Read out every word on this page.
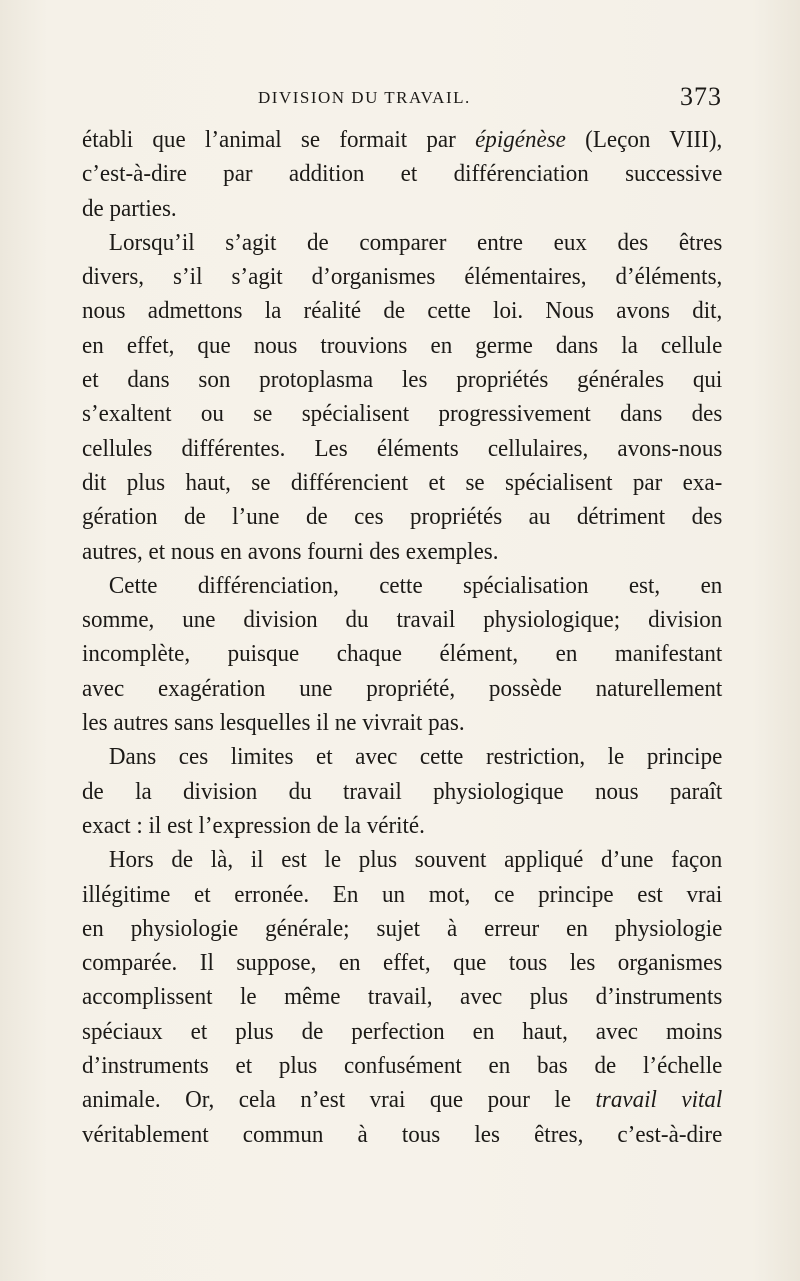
DIVISION DU TRAVAIL.	373
établi que l’animal se formait par épigénèse (Leçon VIII),
c’est-à-dire par addition et différenciation successive
de parties.
Lorsqu’il s’agit de comparer entre eux des êtres
divers, s’il s’agit d’organismes élémentaires, d’éléments,
nous admettons la réalité de cette loi. Nous avons dit,
en effet, que nous trouvions en germe dans la cellule
et dans son protoplasma les propriétés générales qui
s’exaltent ou se spécialisent progressivement dans des
cellules différentes. Les éléments cellulaires, avons-nous
dit plus haut, se différencient et se spécialisent par exa-
gération de l’une de ces propriétés au détriment des
autres, et nous en avons fourni des exemples.
Cette différenciation, cette spécialisation est, en
somme, une division du travail physiologique; division
incomplète, puisque chaque élément, en manifestant
avec exagération une propriété, possède naturellement
les autres sans lesquelles il ne vivrait pas.
Dans ces limites et avec cette restriction, le principe
de la division du travail physiologique nous paraît
exact : il est l’expression de la vérité.
Hors de là, il est le plus souvent appliqué d’une façon
illégitime et erronée. En un mot, ce principe est vrai
en physiologie générale; sujet à erreur en physiologie
comparée. Il suppose, en effet, que tous les organismes
accomplissent le même travail, avec plus d’instruments
spéciaux et plus de perfection en haut, avec moins
d’instruments et plus confusément en bas de l’échelle
animale. Or, cela n’est vrai que pour le travail vital
véritablement commun à tous les êtres, c’est-à-dire
